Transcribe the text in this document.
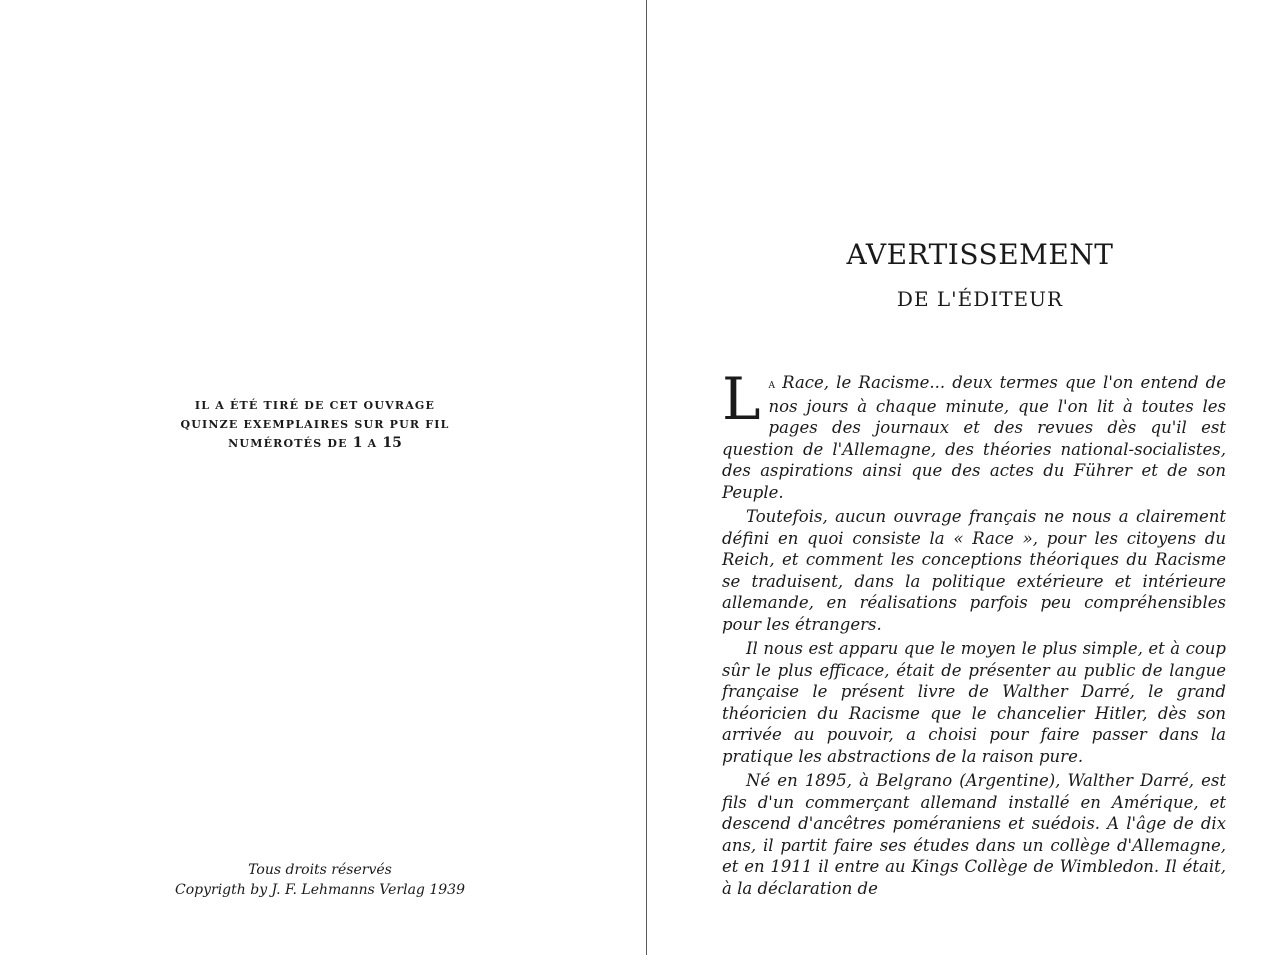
IL A ÉTÉ TIRÉ DE CET OUVRAGE
QUINZE EXEMPLAIRES SUR PUR FIL
NUMÉROTÉS DE 1 A 15
Tous droits réservés
Copyrigth by J. F. Lehmanns Verlag 1939
AVERTISSEMENT
DE L'ÉDITEUR

La Race, le Racisme... deux termes que l'on entend de nos jours à chaque minute, que l'on lit à toutes les pages des journaux et des revues dès qu'il est question de l'Allemagne, des théories national-socialistes, des aspirations ainsi que des actes du Führer et de son Peuple.

Toutefois, aucun ouvrage français ne nous a clairement défini en quoi consiste la « Race », pour les citoyens du Reich, et comment les conceptions théoriques du Racisme se traduisent, dans la politique extérieure et intérieure allemande, en réalisations parfois peu compréhensibles pour les étrangers.

Il nous est apparu que le moyen le plus simple, et à coup sûr le plus efficace, était de présenter au public de langue française le présent livre de Walther Darré, le grand théoricien du Racisme que le chancelier Hitler, dès son arrivée au pouvoir, a choisi pour faire passer dans la pratique les abstractions de la raison pure.

Né en 1895, à Belgrano (Argentine), Walther Darré, est fils d'un commerçant allemand installé en Amérique, et descend d'ancêtres poméraniens et suédois. A l'âge de dix ans, il partit faire ses études dans un collège d'Allemagne, et en 1911 il entre au Kings Collège de Wimbledon. Il était, à la déclaration de
